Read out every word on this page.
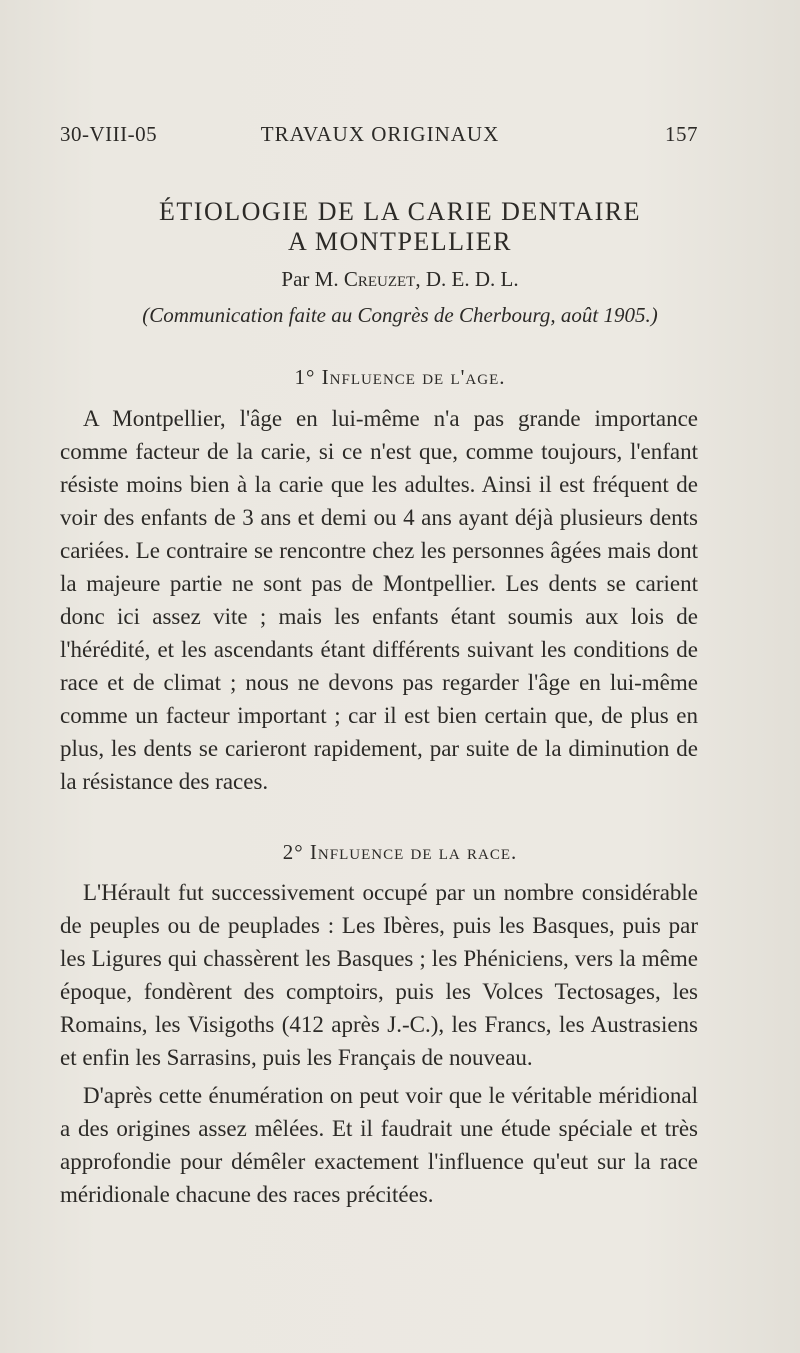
30-VIII-05	TRAVAUX ORIGINAUX	157
ÉTIOLOGIE DE LA CARIE DENTAIRE
A MONTPELLIER
Par M. Creuzet, D. E. D. L.
(Communication faite au Congrès de Cherbourg, août 1905.)
1° Influence de l'age.

A Montpellier, l'âge en lui-même n'a pas grande importance comme facteur de la carie, si ce n'est que, comme toujours, l'enfant résiste moins bien à la carie que les adultes. Ainsi il est fréquent de voir des enfants de 3 ans et demi ou 4 ans ayant déjà plusieurs dents cariées. Le contraire se rencontre chez les personnes âgées mais dont la majeure partie ne sont pas de Montpellier. Les dents se carient donc ici assez vite ; mais les enfants étant soumis aux lois de l'hérédité, et les ascendants étant différents suivant les conditions de race et de climat ; nous ne devons pas regarder l'âge en lui-même comme un facteur important ; car il est bien certain que, de plus en plus, les dents se carieront rapidement, par suite de la diminution de la résistance des races.

2° Influence de la race.

L'Hérault fut successivement occupé par un nombre considérable de peuples ou de peuplades : Les Ibères, puis les Basques, puis par les Ligures qui chassèrent les Basques ; les Phéniciens, vers la même époque, fondèrent des comptoirs, puis les Volces Tectosages, les Romains, les Visigoths (412 après J.-C.), les Francs, les Austrasiens et enfin les Sarrasins, puis les Français de nouveau.

D'après cette énumération on peut voir que le véritable méridional a des origines assez mêlées. Et il faudrait une étude spéciale et très approfondie pour démêler exactement l'influence qu'eut sur la race méridionale chacune des races précitées.
